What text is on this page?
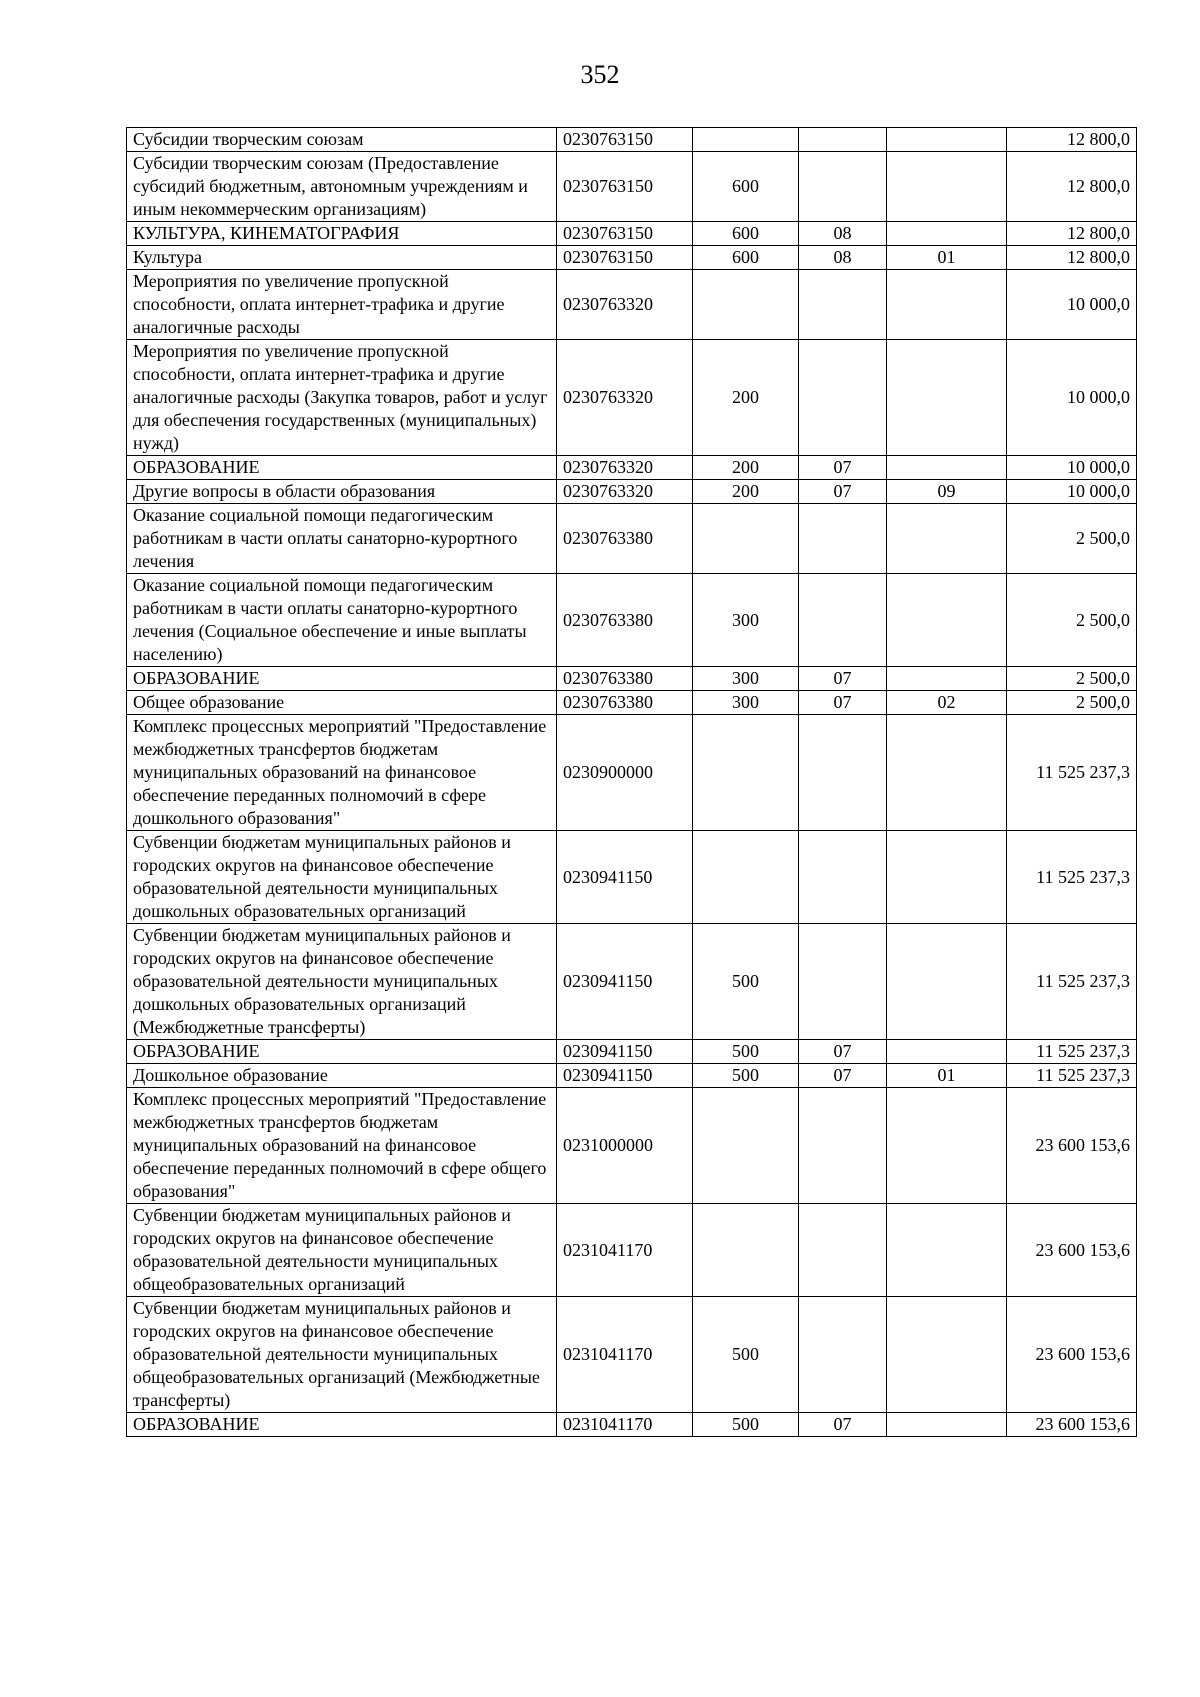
352
Субсидии творческим союзам	0230763150				12 800,0
Субсидии творческим союзам (Предоставление субсидий бюджетным, автономным учреждениям и иным некоммерческим организациям)	0230763150	600			12 800,0
КУЛЬТУРА, КИНЕМАТОГРАФИЯ	0230763150	600	08		12 800,0
Культура	0230763150	600	08	01	12 800,0
Мероприятия по увеличение пропускной способности, оплата интернет-трафика и другие аналогичные расходы	0230763320				10 000,0
Мероприятия по увеличение пропускной способности, оплата интернет-трафика и другие аналогичные расходы (Закупка товаров, работ и услуг для обеспечения государственных (муниципальных) нужд)	0230763320	200			10 000,0
ОБРАЗОВАНИЕ	0230763320	200	07		10 000,0
Другие вопросы в области образования	0230763320	200	07	09	10 000,0
Оказание социальной помощи педагогическим работникам в части оплаты санаторно-курортного лечения	0230763380				2 500,0
Оказание социальной помощи педагогическим работникам в части оплаты санаторно-курортного лечения (Социальное обеспечение и иные выплаты населению)	0230763380	300			2 500,0
ОБРАЗОВАНИЕ	0230763380	300	07		2 500,0
Общее образование	0230763380	300	07	02	2 500,0
Комплекс процессных мероприятий "Предоставление межбюджетных трансфертов бюджетам муниципальных образований на финансовое обеспечение переданных полномочий в сфере дошкольного образования"	0230900000				11 525 237,3
Субвенции бюджетам муниципальных районов и городских округов на финансовое обеспечение образовательной деятельности муниципальных дошкольных образовательных организаций	0230941150				11 525 237,3
Субвенции бюджетам муниципальных районов и городских округов на финансовое обеспечение образовательной деятельности муниципальных дошкольных образовательных организаций (Межбюджетные трансферты)	0230941150	500			11 525 237,3
ОБРАЗОВАНИЕ	0230941150	500	07		11 525 237,3
Дошкольное образование	0230941150	500	07	01	11 525 237,3
Комплекс процессных мероприятий "Предоставление межбюджетных трансфертов бюджетам муниципальных образований на финансовое обеспечение переданных полномочий в сфере общего образования"	0231000000				23 600 153,6
Субвенции бюджетам муниципальных районов и городских округов на финансовое обеспечение образовательной деятельности муниципальных общеобразовательных организаций	0231041170				23 600 153,6
Субвенции бюджетам муниципальных районов и городских округов на финансовое обеспечение образовательной деятельности муниципальных общеобразовательных организаций (Межбюджетные трансферты)	0231041170	500			23 600 153,6
ОБРАЗОВАНИЕ	0231041170	500	07		23 600 153,6
